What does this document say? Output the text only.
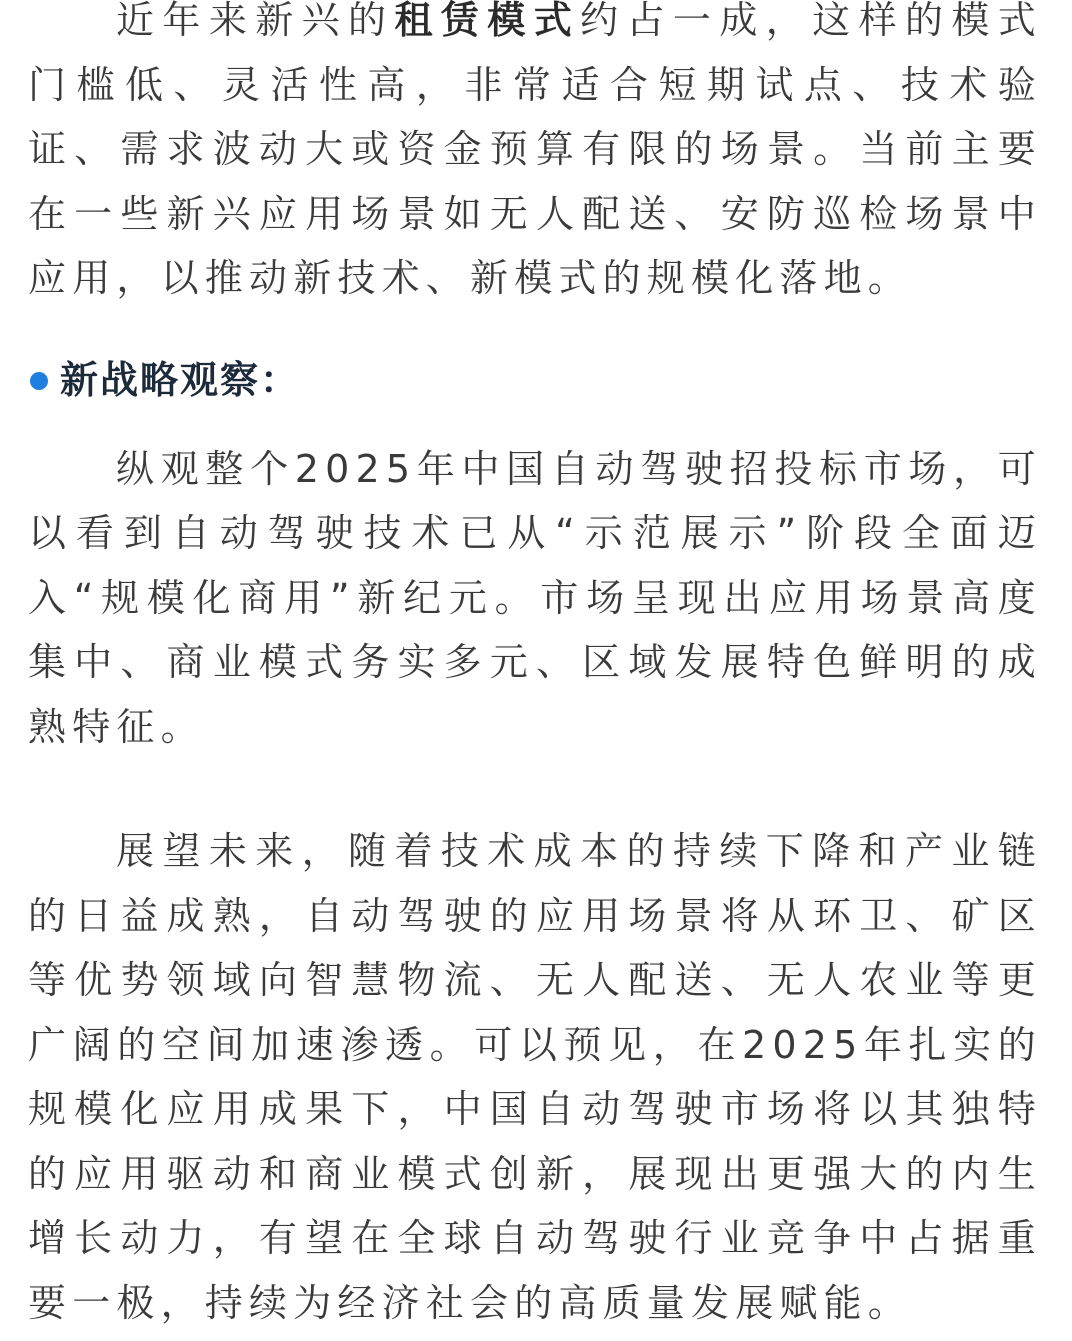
近年来新兴的租赁模式约占一成，这样的模式门槛低、灵活性高，非常适合短期试点、技术验证、需求波动大或资金预算有限的场景。当前主要在一些新兴应用场景如无人配送、安防巡检场景中应用，以推动新技术、新模式的规模化落地。

新战略观察：

纵观整个2025年中国自动驾驶招投标市场，可以看到自动驾驶技术已从“示范展示”阶段全面迈入“规模化商用”新纪元。市场呈现出应用场景高度集中、商业模式务实多元、区域发展特色鲜明的成熟特征。

展望未来，随着技术成本的持续下降和产业链的日益成熟，自动驾驶的应用场景将从环卫、矿区等优势领域向智慧物流、无人配送、无人农业等更广阔的空间加速渗透。可以预见，在2025年扎实的规模化应用成果下，中国自动驾驶市场将以其独特的应用驱动和商业模式创新，展现出更强大的内生增长动力，有望在全球自动驾驶行业竞争中占据重要一极，持续为经济社会的高质量发展赋能。
